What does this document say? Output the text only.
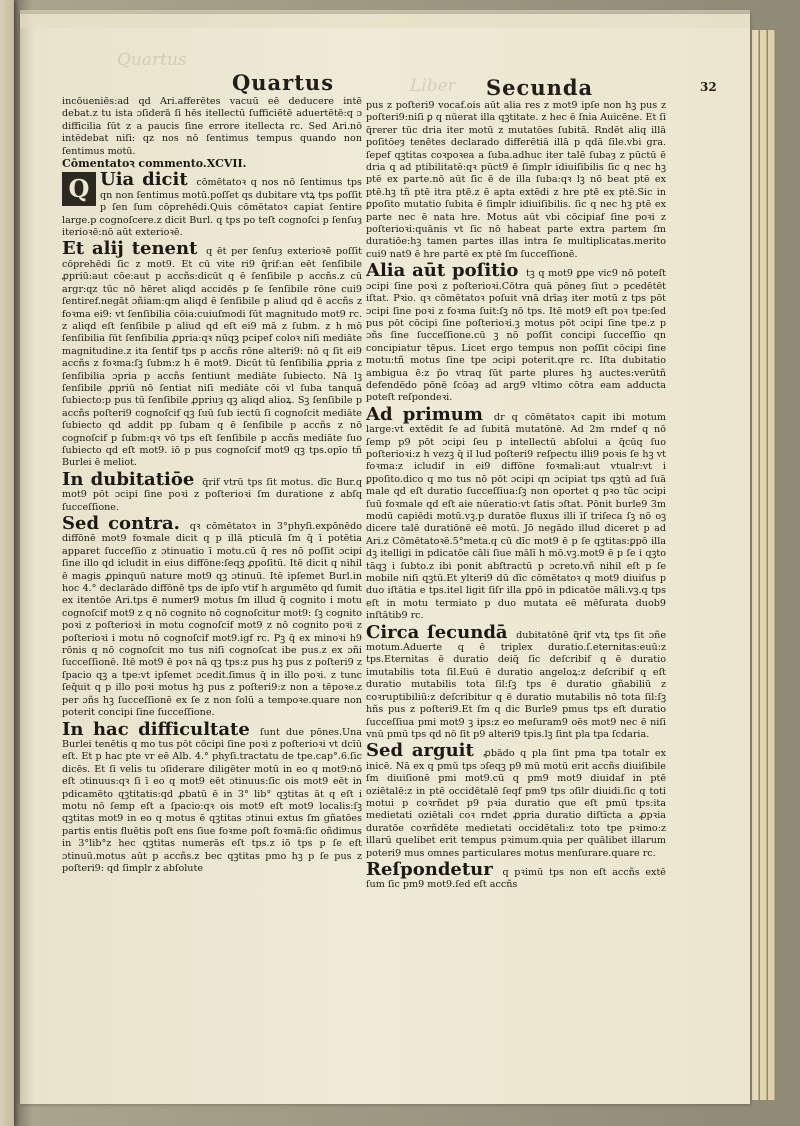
Quartus
Liber
Quartus	Secunda	32

incōueniēs:ad qd Ari.afferētes vacuū eē deducere intē debat.z tu ista ɔſiderā ſi hēs itellectū ſufficiētē aduertētē:q ɔ difficilia ſūt z a paucis ſine errore itellecta rc. Sed Ari.nō intēdebat niſi: qz nos nō ſentimus tempus quando non ſentimus motū.

Cōmentatoꝛ commento.XCVII.

Q Uia dicit cōmētatoꝛ q nos nō ſentimus tps qn non ſentimus motū.poſſet qs dubitare vtꝝ tps poſſit p ſen ſum cōprehēdi.Quis cōmētatoꝛ capiat ſentire large.p cognoſcere.z dicit Burl. q tps po teſt cognoſci p ſenſuȝ iterioꝛē:nō aūt exterioꝛē.

Et alij tenent q ēt per ſenſuȝ exterioꝛē poſſit cōprehēdi ſic z mot9. Et cū vite ri9 q̃rif:an eēt ſenſibile ꝓpriū:aut cōe:aut p accñs:dicūt q ē ſenſibile p accñs.z cū argr:qz tūc nō hēret aliqd accidēs p ſe ſenſibile rōne cui9 ſentiref.negāt ɔñiam:qm aliqd ē ſenſibile p aliud qd ē accñs z foꝛma ei9: vt ſenſibilia cōia:cuiuſmodi ſūt magnitudo mot9 rc. z aliqd eſt ſenſibile p aliud qd eſt ei9 mā z ſubm. z h mō ſenſibilia ſūt ſenſibilia ꝓpria:qꝛ nūqꝫ pcipef coloꝛ niſi mediāte magnitudine.z ita ſentif tps p accñs rōne alteri9: nō q ſit ei9 accñs z foꝛma:ſꝫ ſubm:z h ē mot9. Dicūt tū ſenſibilia ꝓpria z ſenſibilia ɔpria p accñs ſentiunt mediāte ſubiecto. Nā lꝫ ſenſibile ꝓpriū nō ſentiat niſi mediāte cōi vl ſuba tanquā ſubiecto:p pus tū ſenſibile ꝓpriuȝ qꝫ aliqd alioꝝ. Sꝫ ſenſibile p accñs poſteri9 cognoſcif qꝫ ſuū ſub iectū ſi cognoſcit mediāte ſubiecto qd addit pp ſubam q ē ſenſibile p accñs z nō cognoſcif p ſubm:qꝛ vō tps eſt ſenſibile p accñs mediāte ſuo ſubiecto qd eſt mot9. iō p pus cognoſcif mot9 qꝫ tps.opīo tñ Burlei ē meliot.

In dubitatiōe q̃rif vtrū tps ſit motus. dīc Bur.q mot9 pōt ɔcipi ſine poꝛi z poſterioꝛi ſm duratione z abſq ſucceſſione.

Sed contra. qꝛ cōmētatoꝛ in 3°phyſi.expōnēdo diffōnē mot9 foꝛmale dicit q p illā pticulā ſm q̄ ī potētia apparet ſucceſſio z ɔtinuatio ī motu.cū q̄ res nō poſſit ɔcipi ſine illo qd icludit in eius diffōne:ſeqꝫ ꝓpoſitū. Itē dicit q nihil ē magis ꝓpinquū nature mot9 qꝫ ɔtinuū. Itē ipſemet Burl.in hoc 4.° declarādo diffōnē tps de ipſo vtif h argumēto qd ſumit ex itentōe Ari.tps ē numer9 motus ſm illud q̄ cognito i motu cognoſcif mot9 z q nō cognito nō cognoſcitur mot9: ſꝫ cognito poꝛi z poſterioꝛi in motu cognoſcif mot9 z nō cognito poꝛi z poſterioꝛi i motu nō cognoſcif mot9.igf rc. Pꝫ q̃ ex minoꝛi h9 rōnis q nō cognoſcit mo tus niſi cognoſcat ibe pus.z ex ɔñi ſucceſſionē. Itē mot9 ē poꝛ nā qꝫ tps:z pus hꝫ pus z poſteri9 z ſpacio qꝫ a tpe:vt ipſemet ɔcedit.ſimus q̄ in illo poꝛi. z tunc ſeq̄uit q p illo poꝛi motus hꝫ pus z poſteri9:z non a tēpoꝛe.z per ɔñs hꝫ ſucceſſionē ex ſe z non ſolū a tempoꝛe.quare non poterit concipi ſine ſucceſſione.

In hac difficultate ſunt due pōnes.Una Burlei tenētis q mo tus pōt cōcipi ſine poꝛi z poſterioꝛi vt dcīū eſt. Et p hac pte vr eē Alb. 4.° phyſi.tractatu de tpe.cap°.6.ſic dicēs. Et ſi velis tu ɔſiderare diligēter motū in eo q mot9:nō eſt ɔtinuus:qꝛ ſi ī eo q mot9 eēt ɔtinuus:ſic ois mot9 eēt in pdicamēto qꝫtitatis:qd ꝓbatū ē in 3° lib° qꝫtitas āt q eſt i motu nō ſemp eſt a ſpacio:qꝛ ois mot9 eſt mot9 localis:ſꝫ qꝫtitas mot9 in eo q motus ē qꝫtitas ɔtinui extus ſm gñatōes partis entis fluētis poſt ens ſiue foꝛme poſt foꝛmā:ſic oñdimus in 3°lib°z hec qꝫtitas numerās eſt tps.z iō tps p ſe eſt ɔtinuū.motus aūt p accñs.z bec qꝫtitas pmo hꝫ p ſe pus z poſteri9: qd ſimplr z abſolute

pus z poſteri9 vocaf.ois aūt alia res z mot9 ipſe non hꝫ pus z poſteri9:niſi ꝑ q nūerat illa qꝫtitate. z hec ē ſnia Auicēne. Et ſi q̃rerer tūc dria iter motū z mutatōes ſubitā. Rndēt aliq illā poſitōeȝ tenētes declarado differētiā illā p qdā ſile.vbi gra. ſepef qꝫtitas coꝛpoꝛea a ſuba.adhuc iter talē ſubaȝ z pūctū ē dria q ad ptibilitatē:qꝛ pūct9 ē ſimplr idiuiſibilis ſic q nec hꝫ ptē ex parte.nō aūt ſic ē de illa ſuba:qꝛ lꝫ nō beat ptē ex ptē.hꝫ tñ ptē itra ptē.z ē apta extēdi z hre ptē ex ptē.Sic in ꝑpoſito mutatio ſubita ē ſimplr idiuiſibilis. ſic q nec hꝫ ptē ex parte nec ē nata hre. Motus aūt vbi cōcipiaf ſine poꝛi z poſterioꝛi:quānis vt ſic nō habeat parte extra partem ſm duratiōe:hꝫ tamen partes illas intra ſe multiplicatas.merito cui9 nat9 ē hre partē ex ptē ſm ſucceſſionē.

Alia aūt poſitio tꝫ q mot9 ꝑpe vic9 nō poteſt ɔcipi ſine poꝛi z poſterioꝛi.Cōtra quā pōneȝ ſiut ɔ pcedētēt iſtat. Pꝛio. qꝛ cōmētatoꝛ poſuit vnā drīaȝ iter motū z tps pōt ɔcipi ſine poꝛi z foꝛma ſuit:ſꝫ nō tps. Itē mot9 eſt poꝛ tpe:ſed pus pōt cōcipi ſine poſterioꝛi.ꝫ motus pōt ɔcipi ſine tpe.z p ɔñs ſine ſucceſſione.cū ꝫ nō poſſit concipi ſucceſſio qn concipiatur tēpus. Licet ergo tempus non poſſit cōcipi ſine motu:tñ motus ſine tpe ɔcipi poterit.qre rc. Iſta dubitatio ambigua ē:z p̄o vtraq ſūt parte plures hꝫ auctes:verūtñ defendēdo pōnē ſcōaȝ ad arg9 vltimo cōtra eam adducta poteſt reſpondeꝛi.

Ad primum dr q cōmētatoꝛ capit ibi motum large:vt extēdit ſe ad ſubitā mutatōnē. Ad 2m rndef q nō ſemp p9 pōt ɔcipi ſeu p intellectū abſolui a q̃cūq ſuo poſterioꝛi:z h vezꝫ q̄ il lud poſteri9 reſpectu illi9 poꝛis ſe hꝫ vt foꝛma:z icludif in ei9 diffōne foꝛmali:aut vtualr:vt i ꝑpoſito.dico q mo tus nō pōt ɔcipi qn ɔcipiat tps qꝫtū ad ſuā male qd eſt duratio ſucceſſiua:ſꝫ non oportet q pꝛo tūc ɔcipi ſuū foꝛmale qd eſt aie nūeratio:vt ſatis ɔſtat. Pōnit burle9 3m modū capiēdi motū.vꝫ.p duratōe fluxus illi īſ triſeca ſꝫ nō oꝫ dicere talē duratiōnē eē motū. Jō negādo illud diceret p ad Ari.z Cōmētatoꝛē.5°meta.q cū dīc mot9 ē p ſe qꝫtitas:ꝑpō illa dꝫ itelligi in pdicatōe cāli ſiue mālī h mō.vꝫ.mot9 ē p ſe i qꝫto tāqꝫ i ſubto.z ibi ponit abſtractū p ɔcreto.vñ nihil eſt p ſe mobile niſi qꝫtū.Et ylteri9 dū dīc cōmētatoꝛ q mot9 diuiſus p duo iſtātia e tps.itel ligit ſiſr illa ꝑpō in pdicatōe māli.vꝫ.q tps eſt in motu termiato p duo mutata eē mēſurata duob9 inſtātib9 rc.

Circa ſecundā dubitatōnē q̃rif vtꝝ tps ſit ɔñe motum.Aduerte q ē triplex duratio.ſ.eternitas:euū:z tps.Eternitas ē duratio deiq̄ ſic deſcribif q ē duratio imutabilis tota ſil.Euū ē duratio angeloꝝ:z deſcribif q eſt duratio mutabilis tota ſil:ſꝫ tps ē duratio gñabiliū z coꝛruptibiliū:z deſcribitur q ē duratio mutabilis nō tota ſil:ſꝫ hñs pus z poſteri9.Et ſm q dic Burle9 pmus tps eſt duratio ſucceſſiua pmi mot9 ꝫ ips:z eo meſuram9 oēs mot9 nec ē niſi vnū pmū tps qd nō ſit p9 alteri9 tpis.lꝫ ſint pla tpa ſcḋaria.

Sed arguit ꝓbādo q pla ſint pma tpa totalr ex inicē. Nā ex q pmū tps ɔſeqꝫ p9 mū motū erit accñs diuiſibile ſm diuiſionē pmi mot9.cū q pm9 mot9 diuidaf in ptē oziētalē:z in ptē occidētalē ſeqf pm9 tps ɔſilr diuidi.ſic q toti motui p coꝛrñdet p9 pꝛia duratio que eſt pmū tps:ita medietati oziētali coꝛ rndet ꝓpria duratio diſtīcta a ꝓpꝛia duratōe coꝛrñdēte medietati occidētali:z toto tpe pꝛimo:z illarū quelibet erit tempus pꝛimum.quia per quālibet illarum poteri9 mus omnes particulares motus menſurare.quare rc.

Reſpondetur q pꝛimū tps non eſt accñs extē ſum ſic pm9 mot9.ſed eſt accñs
